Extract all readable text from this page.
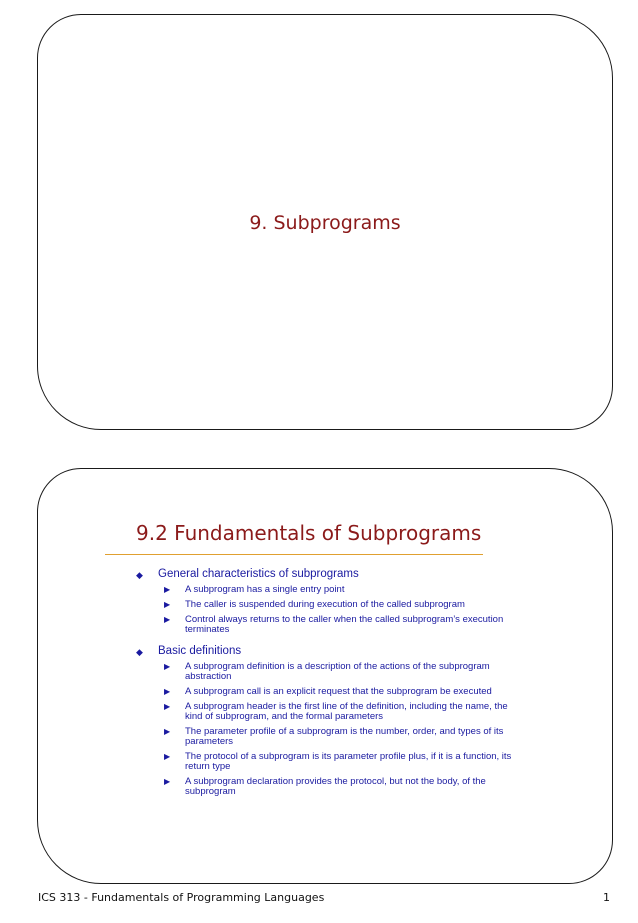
9. Subprograms
9.2 Fundamentals of Subprograms
◆ General characteristics of subprograms
▶ A subprogram has a single entry point
▶ The caller is suspended during execution of the called subprogram
▶ Control always returns to the caller when the called subprogram’s execution terminates
◆ Basic definitions
▶ A subprogram definition is a description of the actions of the subprogram abstraction
▶ A subprogram call is an explicit request that the subprogram be executed
▶ A subprogram header is the first line of the definition, including the name, the kind of subprogram, and the formal parameters
▶ The parameter profile of a subprogram is the number, order, and types of its parameters
▶ The protocol of a subprogram is its parameter profile plus, if it is a function, its return type
▶ A subprogram declaration provides the protocol, but not the body, of the subprogram
ICS 313 - Fundamentals of Programming Languages	1
